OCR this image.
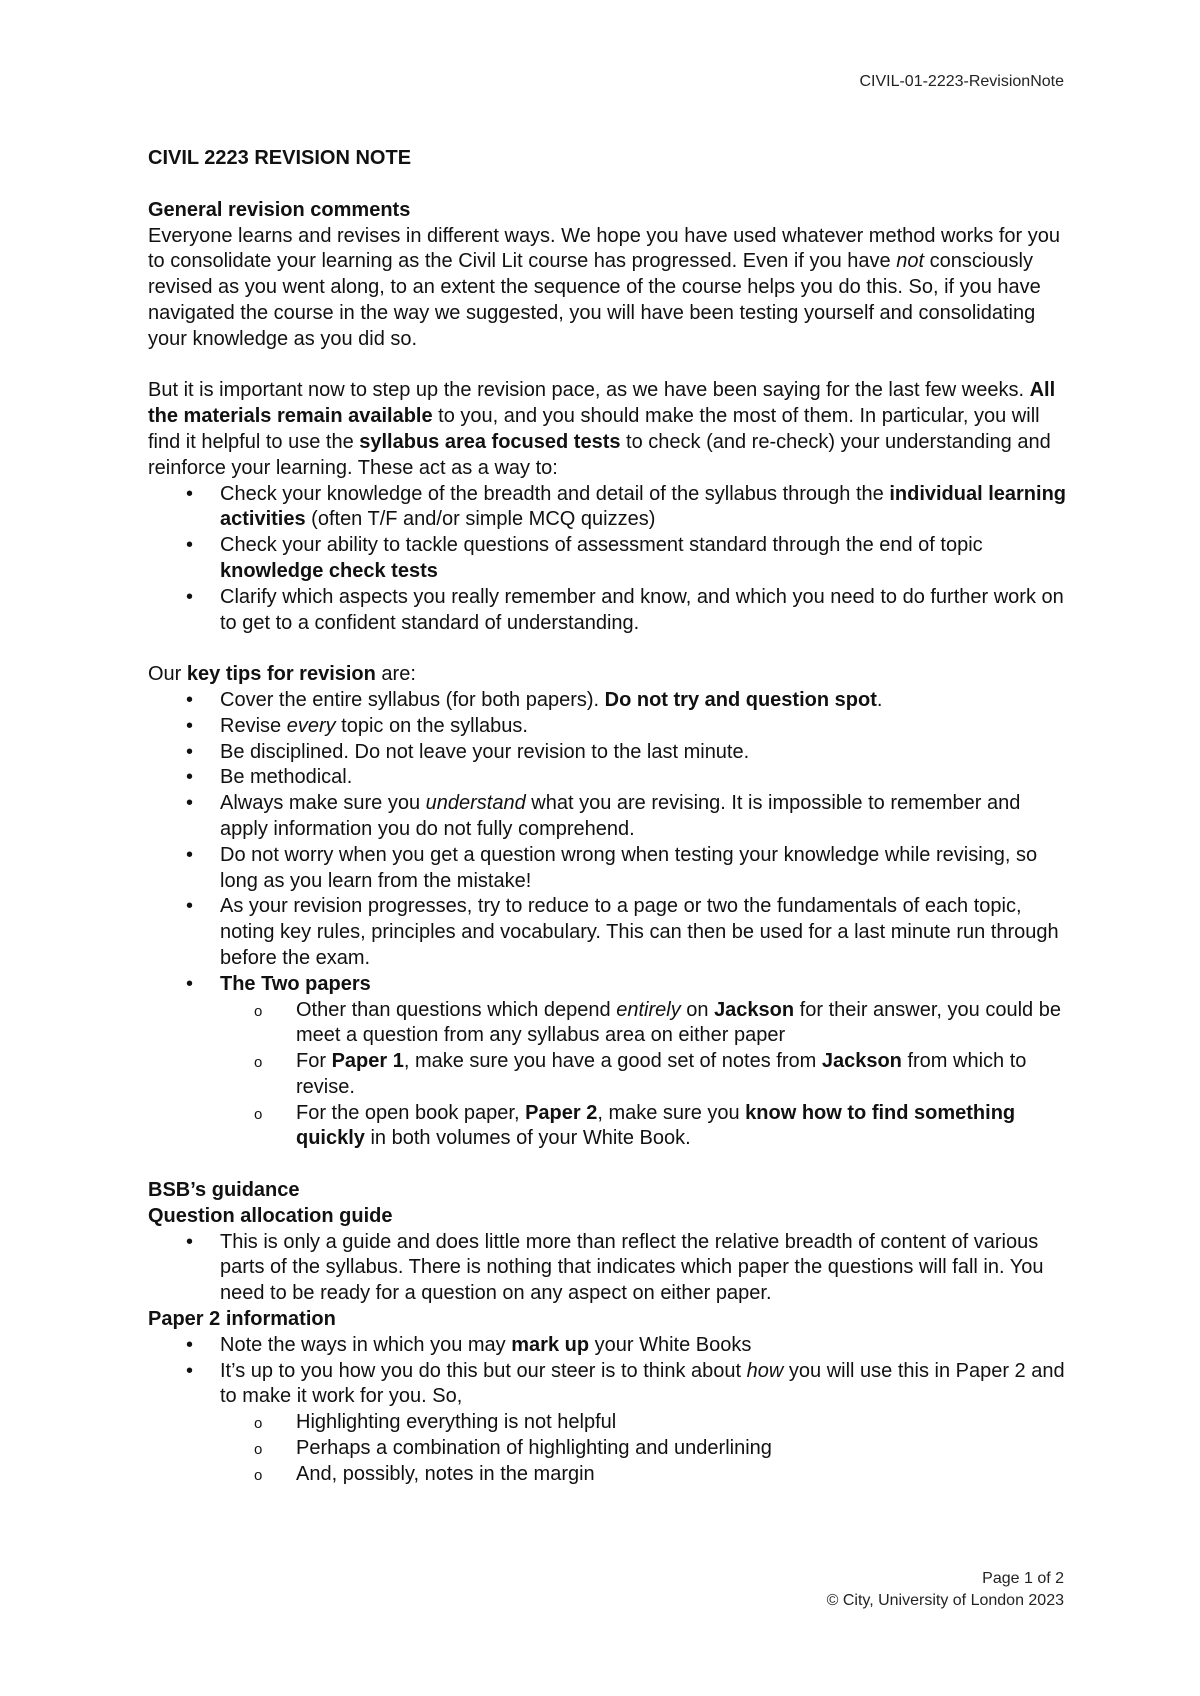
CIVIL-01-2223-RevisionNote

CIVIL 2223 REVISION NOTE

General revision comments

Everyone learns and revises in different ways. We hope you have used whatever method works for you to consolidate your learning as the Civil Lit course has progressed. Even if you have not consciously revised as you went along, to an extent the sequence of the course helps you do this. So, if you have navigated the course in the way we suggested, you will have been testing yourself and consolidating your knowledge as you did so.

But it is important now to step up the revision pace, as we have been saying for the last few weeks. All the materials remain available to you, and you should make the most of them. In particular, you will find it helpful to use the syllabus area focused tests to check (and re-check) your understanding and reinforce your learning. These act as a way to:

• Check your knowledge of the breadth and detail of the syllabus through the individual learning activities (often T/F and/or simple MCQ quizzes)
• Check your ability to tackle questions of assessment standard through the end of topic knowledge check tests
• Clarify which aspects you really remember and know, and which you need to do further work on to get to a confident standard of understanding.

Our key tips for revision are:

• Cover the entire syllabus (for both papers). Do not try and question spot.
• Revise every topic on the syllabus.
• Be disciplined. Do not leave your revision to the last minute.
• Be methodical.
• Always make sure you understand what you are revising. It is impossible to remember and apply information you do not fully comprehend.
• Do not worry when you get a question wrong when testing your knowledge while revising, so long as you learn from the mistake!
• As your revision progresses, try to reduce to a page or two the fundamentals of each topic, noting key rules, principles and vocabulary. This can then be used for a last minute run through before the exam.
• The Two papers
o Other than questions which depend entirely on Jackson for their answer, you could be meet a question from any syllabus area on either paper
o For Paper 1, make sure you have a good set of notes from Jackson from which to revise.
o For the open book paper, Paper 2, make sure you know how to find something quickly in both volumes of your White Book.

BSB’s guidance

Question allocation guide

• This is only a guide and does little more than reflect the relative breadth of content of various parts of the syllabus. There is nothing that indicates which paper the questions will fall in. You need to be ready for a question on any aspect on either paper.

Paper 2 information

• Note the ways in which you may mark up your White Books
• It’s up to you how you do this but our steer is to think about how you will use this in Paper 2 and to make it work for you. So,
o Highlighting everything is not helpful
o Perhaps a combination of highlighting and underlining
o And, possibly, notes in the margin
Page 1 of 2
© City, University of London 2023
